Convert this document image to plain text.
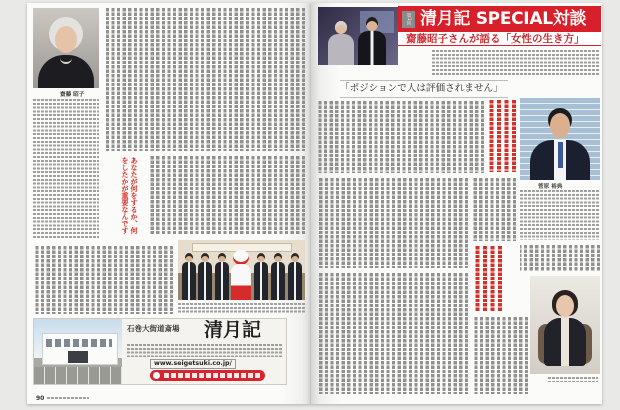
齋藤 昭子
あなたが何をするか、何をしたかが重要なんです
石巻大街道斎場 清月記
www.seigetsuki.co.jp/
90
第1回 清月記 SPECIAL対談
齋藤昭子さんが語る「女性の生き方」
「ポジションで人は評価されません」
菅原 裕典
